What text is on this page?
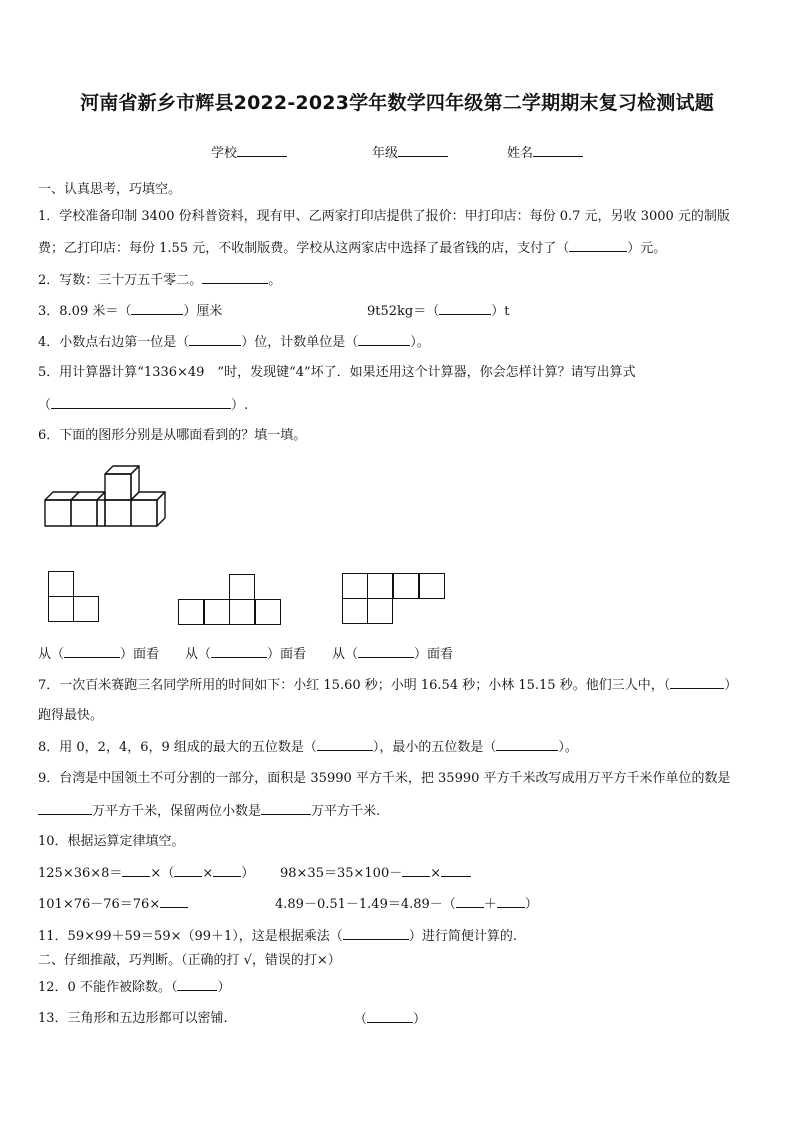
河南省新乡市辉县2022-2023学年数学四年级第二学期期末复习检测试题
学校	年级	姓名
一、认真思考，巧填空。
1．学校准备印制 3400 份科普资料，现有甲、乙两家打印店提供了报价：甲打印店：每份 0.7 元，另收 3000 元的制版
费；乙打印店：每份 1.55 元，不收制版费。学校从这两家店中选择了最省钱的店，支付了（	）元。
2．写数：三十万五千零二。	。
3．8.09 米＝（	）厘米	9t52kg＝（	）t
4．小数点右边第一位是（	）位，计数单位是（	）。
5．用计算器计算“1336×49　”时，发现键“4”坏了．如果还用这个计算器，你会怎样计算？请写出算式
（	）.
6．下面的图形分别是从哪面看到的？填一填。
从（	）面看 从（	）面看 从（	）面看
7．一次百米赛跑三名同学所用的时间如下：小红 15.60 秒；小明 16.54 秒；小林 15.15 秒。他们三人中，（	）
跑得最快。
8．用 0，2，4，6，9 组成的最大的五位数是（	），最小的五位数是（	）。
9．台湾是中国领土不可分割的一部分，面积是 35990 平方千米，把 35990 平方千米改写成用万平方千米作单位的数是
万平方千米，保留两位小数是	万平方千米.
10．根据运算定律填空。
125×36×8＝ ×（ × ） 98×35＝35×100－ ×
101×76－76＝76×	4.89－0.51－1.49＝4.89－（ ＋ ）
11．59×99＋59＝59×（99＋1），这是根据乘法（	）进行简便计算的.
二、仔细推敲，巧判断。（正确的打 √，错误的打×）
12．0 不能作被除数。（	）
13．三角形和五边形都可以密铺.	（	）
